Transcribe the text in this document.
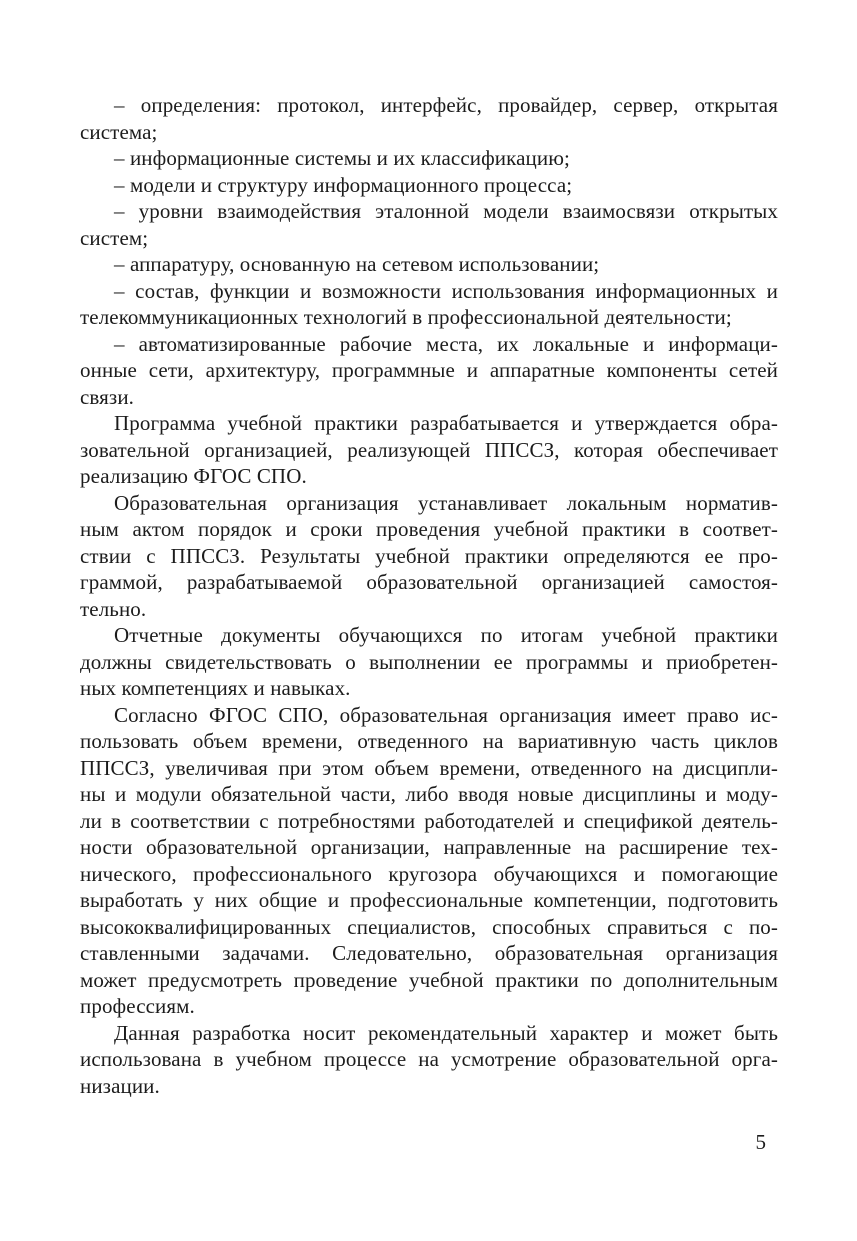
– определения: протокол, интерфейс, провайдер, сервер, открытая
система;
– информационные системы и их классификацию;
– модели и структуру информационного процесса;
– уровни взаимодействия эталонной модели взаимосвязи открытых
систем;
– аппаратуру, основанную на сетевом использовании;
– состав, функции и возможности использования информационных и
телекоммуникационных технологий в профессиональной деятельности;
– автоматизированные рабочие места, их локальные и информаци-
онные сети, архитектуру, программные и аппаратные компоненты сетей
связи.
Программа учебной практики разрабатывается и утверждается обра-
зовательной организацией, реализующей ППССЗ, которая обеспечивает
реализацию ФГОС СПО.
Образовательная организация устанавливает локальным норматив-
ным актом порядок и сроки проведения учебной практики в соответ-
ствии с ППССЗ. Результаты учебной практики определяются ее про-
граммой, разрабатываемой образовательной организацией самостоя-
тельно.
Отчетные документы обучающихся по итогам учебной практики
должны свидетельствовать о выполнении ее программы и приобретен-
ных компетенциях и навыках.
Согласно ФГОС СПО, образовательная организация имеет право ис-
пользовать объем времени, отведенного на вариативную часть циклов
ППССЗ, увеличивая при этом объем времени, отведенного на дисципли-
ны и модули обязательной части, либо вводя новые дисциплины и моду-
ли в соответствии с потребностями работодателей и спецификой деятель-
ности образовательной организации, направленные на расширение тех-
нического, профессионального кругозора обучающихся и помогающие
выработать у них общие и профессиональные компетенции, подготовить
высококвалифицированных специалистов, способных справиться с по-
ставленными задачами. Следовательно, образовательная организация
может предусмотреть проведение учебной практики по дополнительным
профессиям.
Данная разработка носит рекомендательный характер и может быть
использована в учебном процессе на усмотрение образовательной орга-
низации.
5
